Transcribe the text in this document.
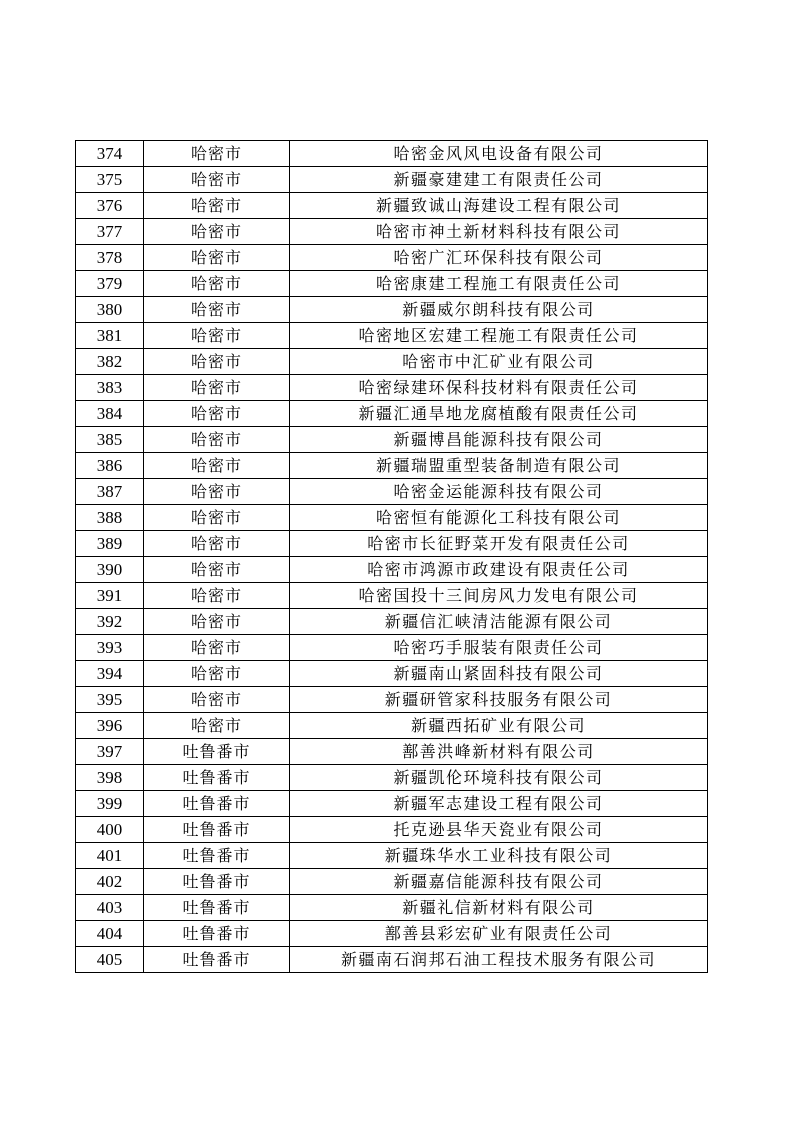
374	哈密市	哈密金风风电设备有限公司
375	哈密市	新疆豪建建工有限责任公司
376	哈密市	新疆致诚山海建设工程有限公司
377	哈密市	哈密市神土新材料科技有限公司
378	哈密市	哈密广汇环保科技有限公司
379	哈密市	哈密康建工程施工有限责任公司
380	哈密市	新疆威尔朗科技有限公司
381	哈密市	哈密地区宏建工程施工有限责任公司
382	哈密市	哈密市中汇矿业有限公司
383	哈密市	哈密绿建环保科技材料有限责任公司
384	哈密市	新疆汇通旱地龙腐植酸有限责任公司
385	哈密市	新疆博昌能源科技有限公司
386	哈密市	新疆瑞盟重型装备制造有限公司
387	哈密市	哈密金运能源科技有限公司
388	哈密市	哈密恒有能源化工科技有限公司
389	哈密市	哈密市长征野菜开发有限责任公司
390	哈密市	哈密市鸿源市政建设有限责任公司
391	哈密市	哈密国投十三间房风力发电有限公司
392	哈密市	新疆信汇峡清洁能源有限公司
393	哈密市	哈密巧手服装有限责任公司
394	哈密市	新疆南山紧固科技有限公司
395	哈密市	新疆研管家科技服务有限公司
396	哈密市	新疆西拓矿业有限公司
397	吐鲁番市	鄯善洪峰新材料有限公司
398	吐鲁番市	新疆凯伦环境科技有限公司
399	吐鲁番市	新疆军志建设工程有限公司
400	吐鲁番市	托克逊县华天瓷业有限公司
401	吐鲁番市	新疆珠华水工业科技有限公司
402	吐鲁番市	新疆嘉信能源科技有限公司
403	吐鲁番市	新疆礼信新材料有限公司
404	吐鲁番市	鄯善县彩宏矿业有限责任公司
405	吐鲁番市	新疆南石润邦石油工程技术服务有限公司
